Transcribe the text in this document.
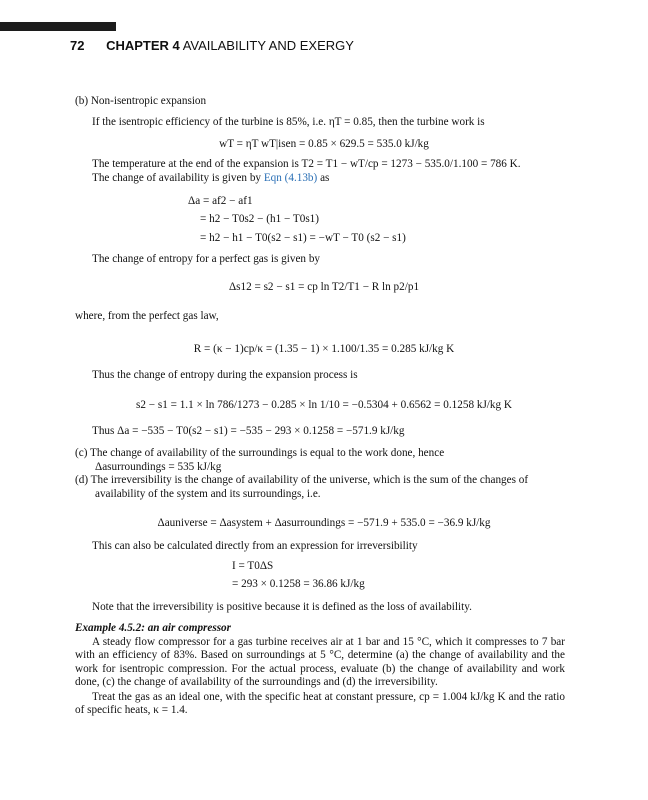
72 CHAPTER 4 AVAILABILITY AND EXERGY
(b) Non-isentropic expansion
If the isentropic efficiency of the turbine is 85%, i.e. ηT = 0.85, then the turbine work is
wT = ηT wT|isen = 0.85 × 629.5 = 535.0 kJ/kg
The temperature at the end of the expansion is T2 = T1 − wT/cp = 1273 − 535.0/1.100 = 786 K.
The change of availability is given by Eqn (4.13b) as
Δa = af2 − af1
= h2 − T0s2 − (h1 − T0s1)
= h2 − h1 − T0(s2 − s1) = −wT − T0 (s2 − s1)
The change of entropy for a perfect gas is given by
Δs12 = s2 − s1 = cp ln T2/T1 − R ln p2/p1
where, from the perfect gas law,
R = (κ − 1)cp/κ = (1.35 − 1) × 1.100/1.35 = 0.285 kJ/kg K
Thus the change of entropy during the expansion process is
s2 − s1 = 1.1 × ln 786/1273 − 0.285 × ln 1/10 = −0.5304 + 0.6562 = 0.1258 kJ/kg K
Thus Δa = −535 − T0(s2 − s1) = −535 − 293 × 0.1258 = −571.9 kJ/kg
(c) The change of availability of the surroundings is equal to the work done, hence
Δasurroundings = 535 kJ/kg
(d) The irreversibility is the change of availability of the universe, which is the sum of the changes of
availability of the system and its surroundings, i.e.
Δauniverse = Δasystem + Δasurroundings = −571.9 + 535.0 = −36.9 kJ/kg
This can also be calculated directly from an expression for irreversibility
I = T0ΔS
= 293 × 0.1258 = 36.86 kJ/kg
Note that the irreversibility is positive because it is defined as the loss of availability.
Example 4.5.2: an air compressor
A steady flow compressor for a gas turbine receives air at 1 bar and 15 °C, which it compresses to 7 bar with an efficiency of 83%. Based on surroundings at 5 °C, determine (a) the change of availability and the work for isentropic compression. For the actual process, evaluate (b) the change of availability and work done, (c) the change of availability of the surroundings and (d) the irreversibility.
Treat the gas as an ideal one, with the specific heat at constant pressure, cp = 1.004 kJ/kg K and the ratio of specific heats, κ = 1.4.
